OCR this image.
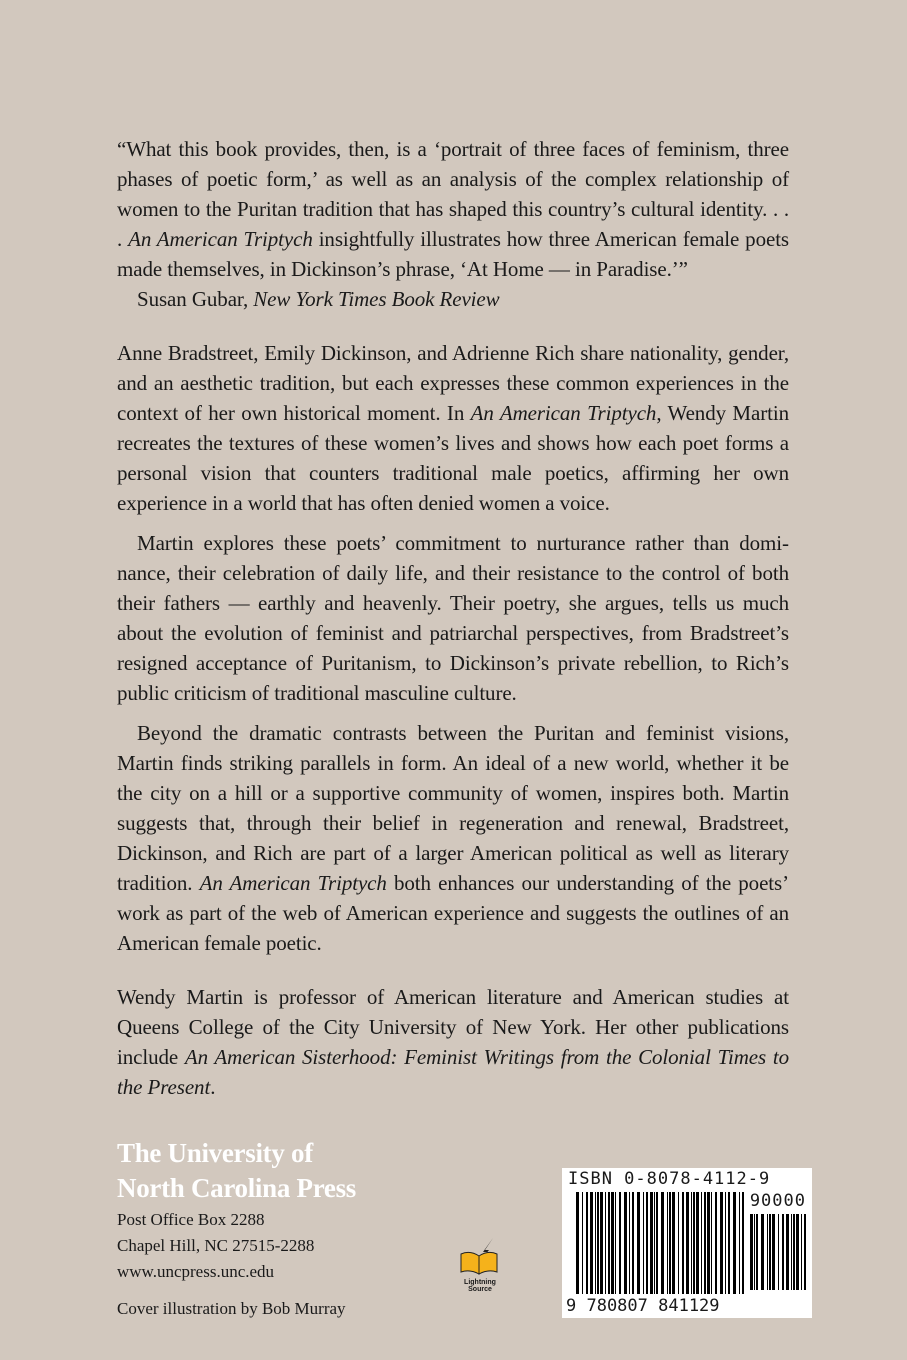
“What this book provides, then, is a ‘portrait of three faces of feminism, three phases of poetic form,’ as well as an analysis of the complex relationship of women to the Puritan tradition that has shaped this country’s cultural identity. . . . An American Triptych insightfully illustrates how three American female poets made themselves, in Dickinson’s phrase, ‘At Home — in Paradise.’”

Susan Gubar, New York Times Book Review

Anne Bradstreet, Emily Dickinson, and Adrienne Rich share nationality, gender, and an aesthetic tradition, but each expresses these common experiences in the context of her own historical moment. In An American Triptych, Wendy Martin recreates the textures of these women’s lives and shows how each poet forms a personal vision that counters traditional male poetics, affirming her own experience in a world that has often denied women a voice.

Martin explores these poets’ commitment to nurturance rather than dominance, their celebration of daily life, and their resistance to the control of both their fathers — earthly and heavenly. Their poetry, she argues, tells us much about the evolution of feminist and patriarchal perspectives, from Bradstreet’s resigned acceptance of Puritanism, to Dickinson’s private rebellion, to Rich’s public criticism of traditional masculine culture.

Beyond the dramatic contrasts between the Puritan and feminist visions, Martin finds striking parallels in form. An ideal of a new world, whether it be the city on a hill or a supportive community of women, inspires both. Martin suggests that, through their belief in regeneration and renewal, Bradstreet, Dickinson, and Rich are part of a larger American political as well as literary tradition. An American Triptych both enhances our understanding of the poets’ work as part of the web of American experience and suggests the outlines of an American female poetic.

Wendy Martin is professor of American literature and American studies at Queens College of the City University of New York. Her other publications include An American Sisterhood: Feminist Writings from the Colonial Times to the Present.

The University of
North Carolina Press
Post Office Box 2288
Chapel Hill, NC 27515-2288
www.uncpress.unc.edu
Cover illustration by Bob Murray
Lightning Source
ISBN 0-8078-4112-9
90000
9 780807 841129
